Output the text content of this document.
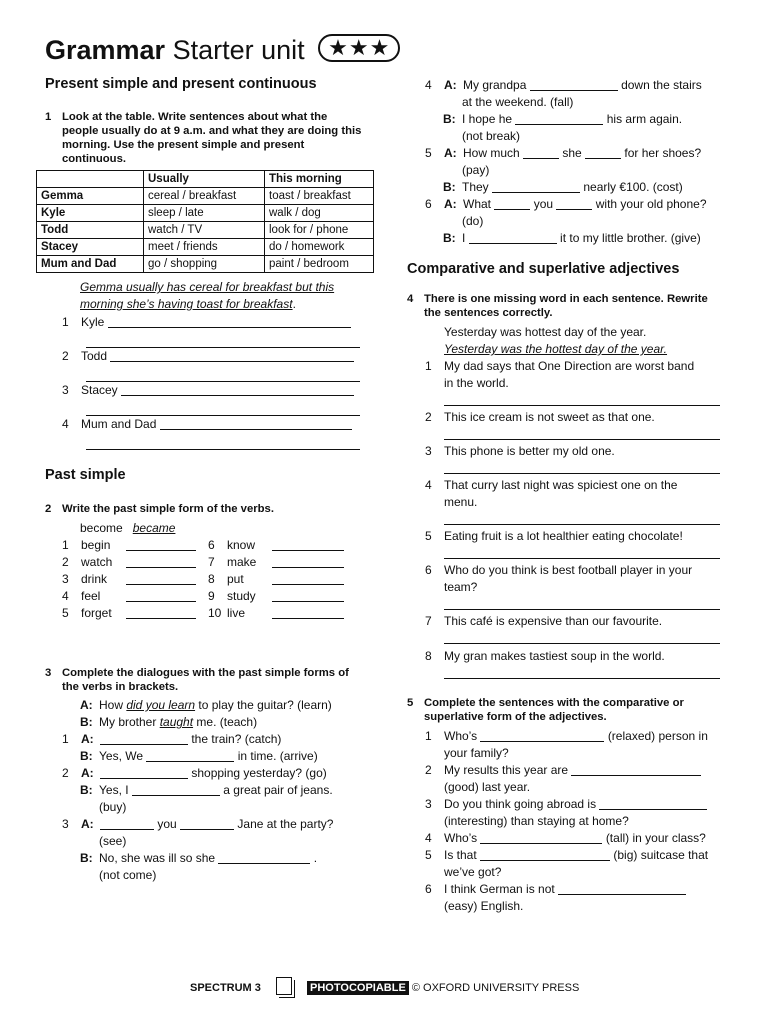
Grammar Starter unit ★★★
Present simple and present continuous
1 Look at the table. Write sentences about what the people usually do at 9 a.m. and what they are doing this morning. Use the present simple and present continuous.
	Usually	This morning
Gemma	cereal / breakfast	toast / breakfast
Kyle	sleep / late	walk / dog
Todd	watch / TV	look for / phone
Stacey	meet / friends	do / homework
Mum and Dad	go / shopping	paint / bedroom
Gemma usually has cereal for breakfast but this
morning she’s having toast for breakfast.
1 Kyle
2 Todd
3 Stacey
4 Mum and Dad
Past simple
2 Write the past simple form of the verbs.
become became
1 begin
2 watch
3 drink
4 feel
5 forget
6 know
7 make
8 put
9 study
10 live
3 Complete the dialogues with the past simple forms of the verbs in brackets.
A: How did you learn to play the guitar? (learn)
B: My brother taught me. (teach)
1 A:	the train? (catch)
B: Yes, We	in time. (arrive)
2 A:	shopping yesterday? (go)
B: Yes, I	a great pair of jeans.
(buy)
3 A:	you	Jane at the party?
(see)
B: No, she was ill so she	.
(not come)
4 A: My grandpa	down the stairs
at the weekend. (fall)
B: I hope he	his arm again.
(not break)
5 A: How much	she	for her shoes?
(pay)
B: They	nearly €100. (cost)
6 A: What	you	with your old phone?
(do)
B: I	it to my little brother. (give)
Comparative and superlative adjectives
4 There is one missing word in each sentence. Rewrite the sentences correctly.
Yesterday was hottest day of the year.
Yesterday was the hottest day of the year.
1 My dad says that One Direction are worst band
in the world.
2 This ice cream is not sweet as that one.
3 This phone is better my old one.
4 That curry last night was spiciest one on the
menu.
5 Eating fruit is a lot healthier eating chocolate!
6 Who do you think is best football player in your
team?
7 This café is expensive than our favourite.
8 My gran makes tastiest soup in the world.
5 Complete the sentences with the comparative or superlative form of the adjectives.
1 Who’s	(relaxed) person in
your family?
2 My results this year are
(good) last year.
3 Do you think going abroad is
(interesting) than staying at home?
4 Who’s	(tall) in your class?
5 Is that	(big) suitcase that
we’ve got?
6 I think German is not
(easy) English.
SPECTRUM 3	PHOTOCOPIABLE © OXFORD UNIVERSITY PRESS
